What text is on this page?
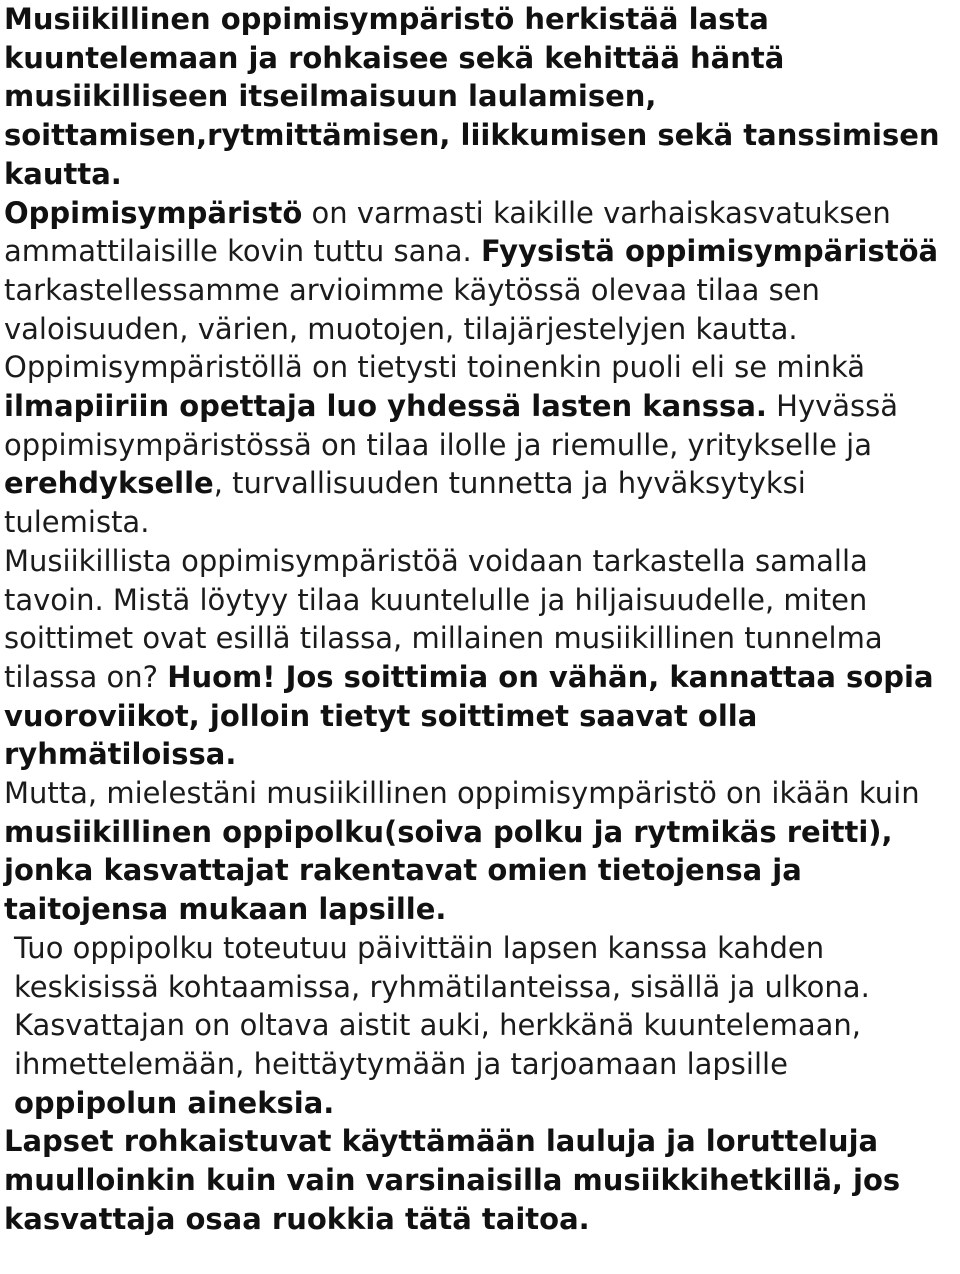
Musiikillinen oppimisympäristö herkistää lasta kuuntelemaan ja rohkaisee sekä kehittää häntä musiikilliseen itseilmaisuun laulamisen, soittamisen,rytmittämisen, liikkumisen sekä tanssimisen kautta.

Oppimisympäristö on varmasti kaikille varhaiskasvatuksen ammattilaisille kovin tuttu sana. Fyysistä oppimisympäristöä tarkastellessamme arvioimme käytössä olevaa tilaa sen valoisuuden, värien, muotojen, tilajärjestelyjen kautta. Oppimisympäristöllä on tietysti toinenkin puoli eli se minkä ilmapiiriin opettaja luo yhdessä lasten kanssa. Hyvässä oppimisympäristössä on tilaa ilolle ja riemulle, yritykselle ja erehdykselle, turvallisuuden tunnetta ja hyväksytyksi tulemista.

Musiikillista oppimisympäristöä voidaan tarkastella samalla tavoin. Mistä löytyy tilaa kuuntelulle ja hiljaisuudelle, miten soittimet ovat esillä tilassa, millainen musiikillinen tunnelma tilassa on? Huom! Jos soittimia on vähän, kannattaa sopia vuoroviikot, jolloin tietyt soittimet saavat olla ryhmätiloissa.

Mutta, mielestäni musiikillinen oppimisympäristö on ikään kuin musiikillinen oppipolku(soiva polku ja rytmikäs reitti), jonka kasvattajat rakentavat omien tietojensa ja taitojensa mukaan lapsille.

Tuo oppipolku toteutuu päivittäin lapsen kanssa kahden keskisissä kohtaamissa, ryhmätilanteissa, sisällä ja ulkona. Kasvattajan on oltava aistit auki, herkkänä kuuntelemaan, ihmettelemään, heittäytymään ja tarjoamaan lapsille oppipolun aineksia.

Lapset rohkaistuvat käyttämään lauluja ja lorutteluja muulloinkin kuin vain varsinaisilla musiikkihetkillä, jos kasvattaja osaa ruokkia tätä taitoa.
